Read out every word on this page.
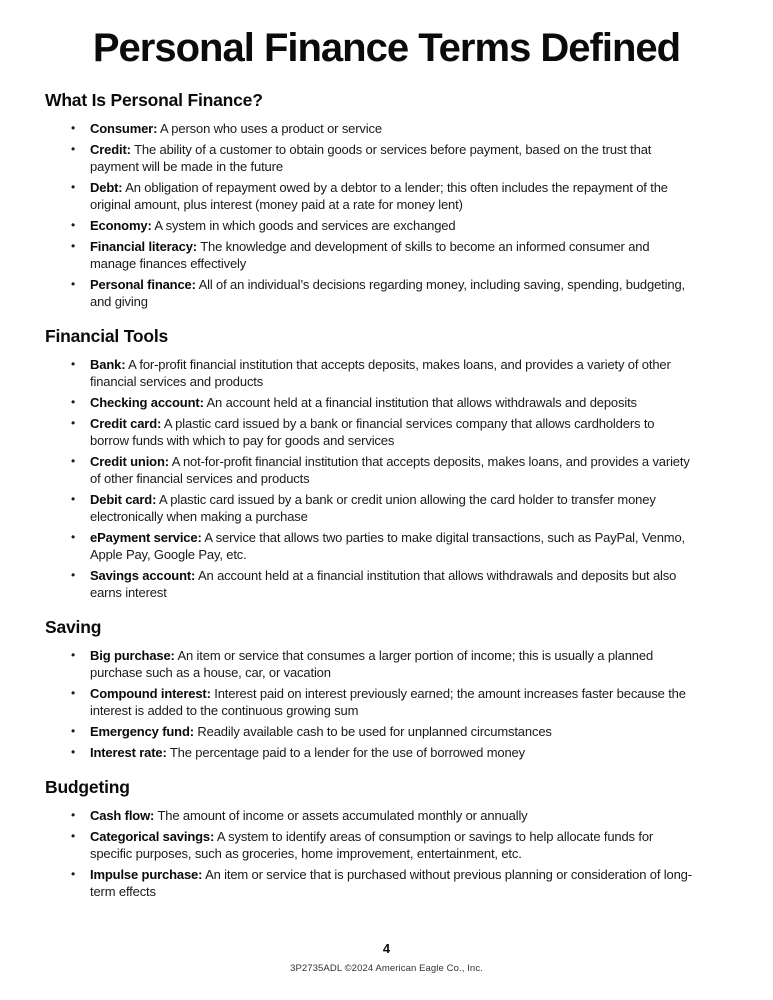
Personal Finance Terms Defined
What Is Personal Finance?
• Consumer: A person who uses a product or service
• Credit: The ability of a customer to obtain goods or services before payment, based on the trust that payment will be made in the future
• Debt: An obligation of repayment owed by a debtor to a lender; this often includes the repayment of the original amount, plus interest (money paid at a rate for money lent)
• Economy: A system in which goods and services are exchanged
• Financial literacy: The knowledge and development of skills to become an informed consumer and manage finances effectively
• Personal finance: All of an individual’s decisions regarding money, including saving, spending, budgeting, and giving
Financial Tools
• Bank: A for-profit financial institution that accepts deposits, makes loans, and provides a variety of other financial services and products
• Checking account: An account held at a financial institution that allows withdrawals and deposits
• Credit card: A plastic card issued by a bank or financial services company that allows cardholders to borrow funds with which to pay for goods and services
• Credit union: A not-for-profit financial institution that accepts deposits, makes loans, and provides a variety of other financial services and products
• Debit card: A plastic card issued by a bank or credit union allowing the card holder to transfer money electronically when making a purchase
• ePayment service: A service that allows two parties to make digital transactions, such as PayPal, Venmo, Apple Pay, Google Pay, etc.
• Savings account: An account held at a financial institution that allows withdrawals and deposits but also earns interest
Saving
• Big purchase: An item or service that consumes a larger portion of income; this is usually a planned purchase such as a house, car, or vacation
• Compound interest: Interest paid on interest previously earned; the amount increases faster because the interest is added to the continuous growing sum
• Emergency fund: Readily available cash to be used for unplanned circumstances
• Interest rate: The percentage paid to a lender for the use of borrowed money
Budgeting
• Cash flow: The amount of income or assets accumulated monthly or annually
• Categorical savings: A system to identify areas of consumption or savings to help allocate funds for specific purposes, such as groceries, home improvement, entertainment, etc.
• Impulse purchase: An item or service that is purchased without previous planning or consideration of long-term effects
4
3P2735ADL ©2024 American Eagle Co., Inc.
